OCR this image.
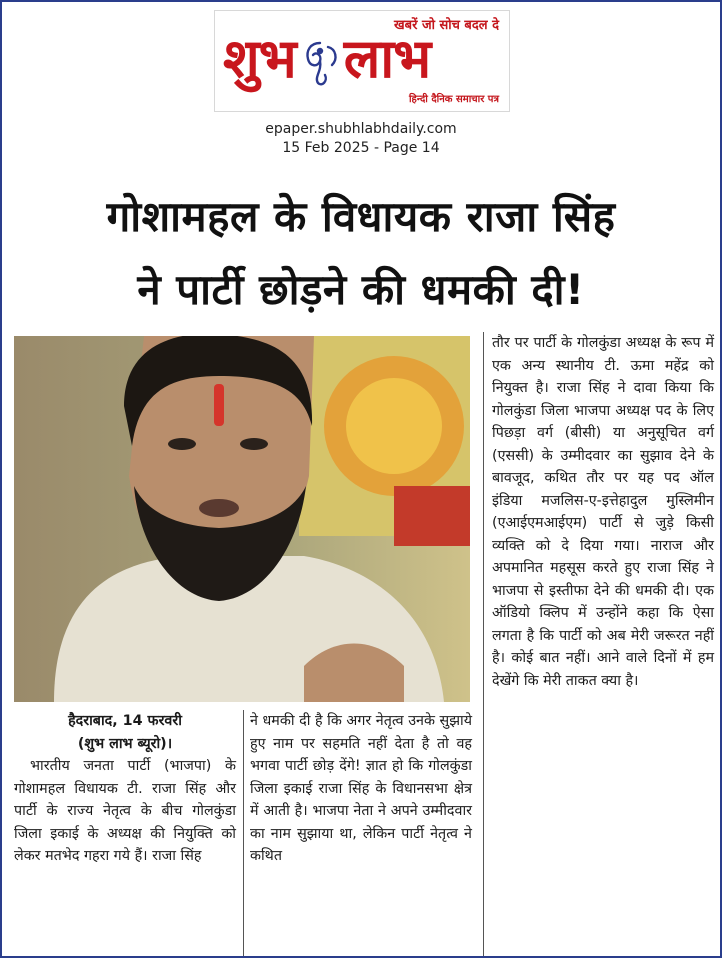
खबरें जो सोच बदल दे
शुभ लाभ
हिन्दी दैनिक समाचार पत्र
epaper.shubhlabhdaily.com
15 Feb 2025 - Page 14
गोशामहल के विधायक राजा सिंह
ने पार्टी छोड़ने की धमकी दी!

हैदराबाद, 14 फरवरी

(शुभ लाभ ब्यूरो)।

भारतीय जनता पार्टी (भाजपा) के गोशामहल विधायक टी. राजा सिंह और पार्टी के राज्य नेतृत्व के बीच गोलकुंडा जिला इकाई के अध्यक्ष की नियुक्ति को लेकर मतभेद गहरा गये हैं। राजा सिंह

ने धमकी दी है कि अगर नेतृत्व उनके सुझाये हुए नाम पर सहमति नहीं देता है तो वह भगवा पार्टी छोड़ देंगे! ज्ञात हो कि गोलकुंडा जिला इकाई राजा सिंह के विधानसभा क्षेत्र में आती है। भाजपा नेता ने अपने उम्मीदवार का नाम सुझाया था, लेकिन पार्टी नेतृत्व ने कथित

तौर पर पार्टी के गोलकुंडा अध्यक्ष के रूप में एक अन्य स्थानीय टी. ऊमा महेंद्र को नियुक्त है। राजा सिंह ने दावा किया कि गोलकुंडा जिला भाजपा अध्यक्ष पद के लिए पिछड़ा वर्ग (बीसी) या अनुसूचित वर्ग (एससी) के उम्मीदवार का सुझाव देने के बावजूद, कथित तौर पर यह पद ऑल इंडिया मजलिस-ए-इत्तेहादुल मुस्लिमीन (एआईएमआईएम) पार्टी से जुड़े किसी व्यक्ति को दे दिया गया। नाराज और अपमानित महसूस करते हुए राजा सिंह ने भाजपा से इस्तीफा देने की धमकी दी। एक ऑडियो क्लिप में उन्होंने कहा कि ऐसा लगता है कि पार्टी को अब मेरी जरूरत नहीं है। कोई बात नहीं। आने वाले दिनों में हम देखेंगे कि मेरी ताकत क्या है।
